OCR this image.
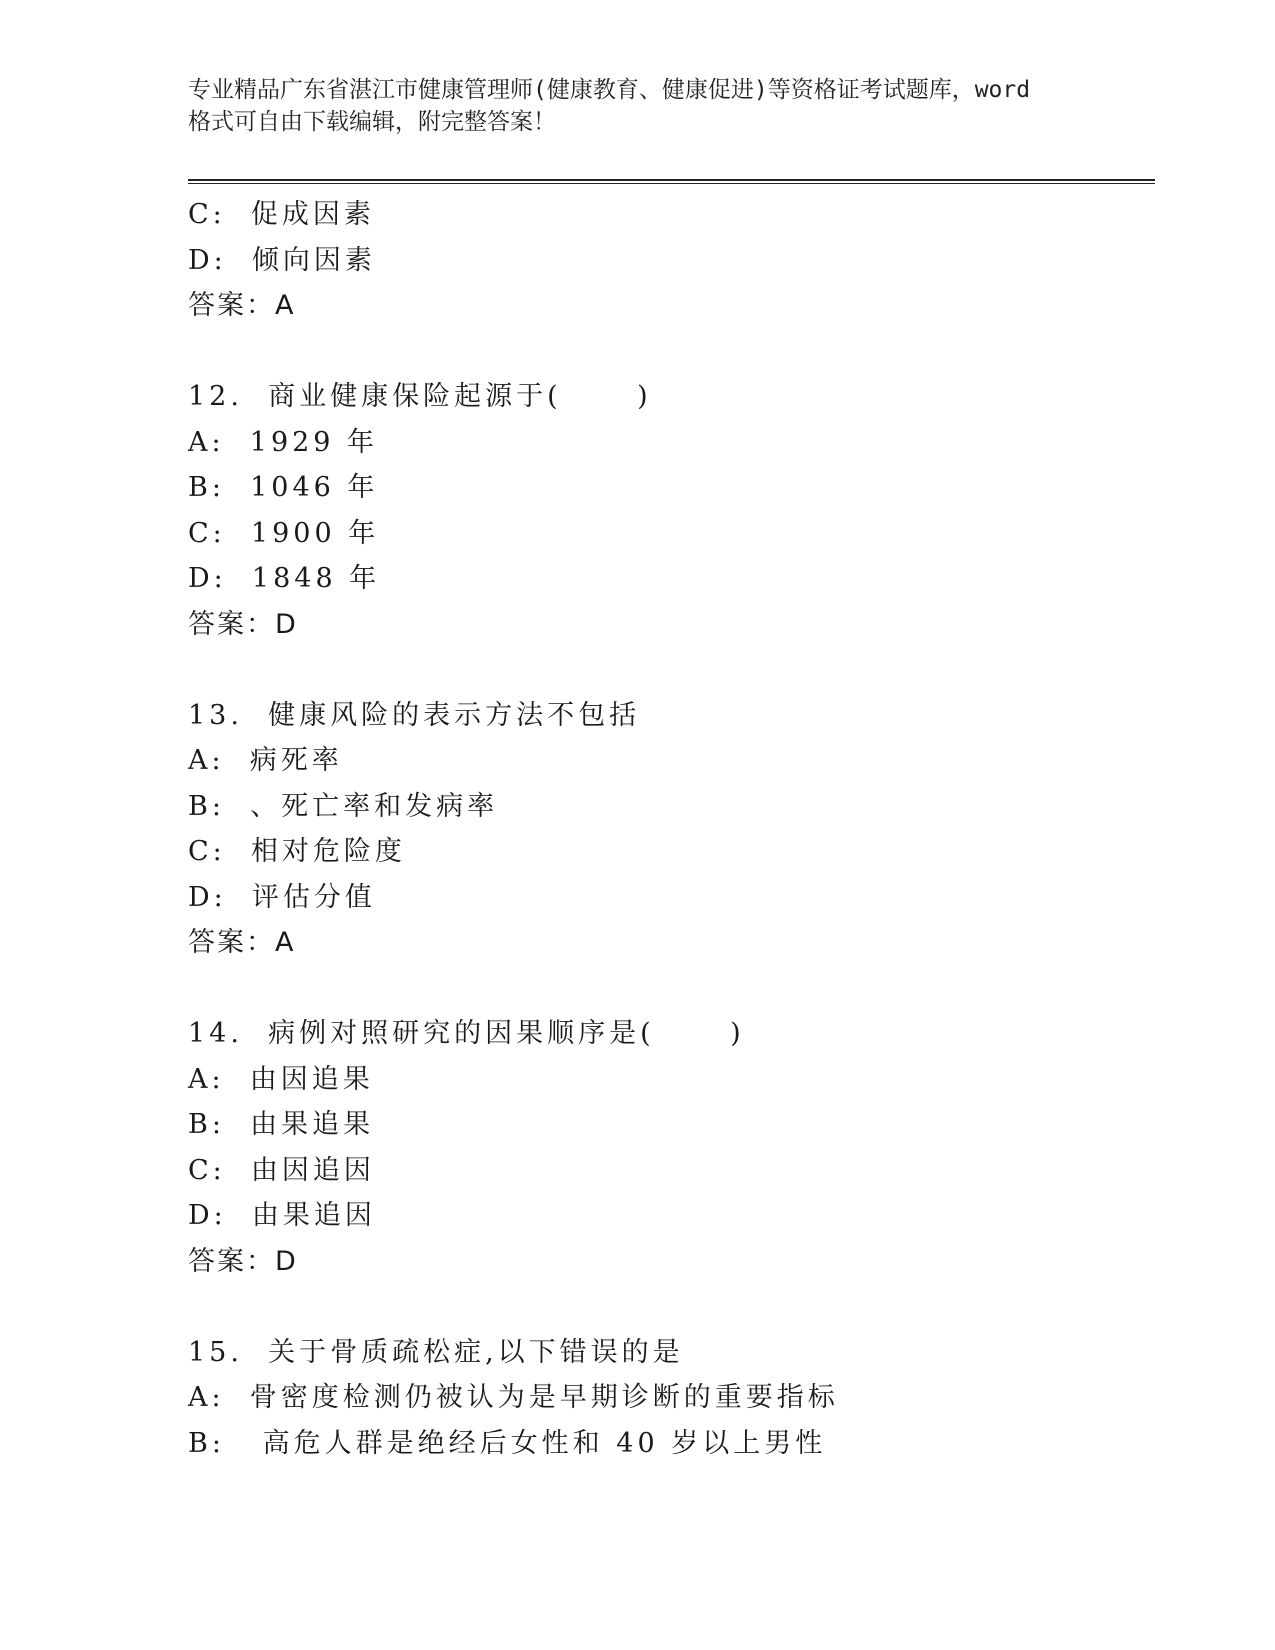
专业精品广东省湛江市健康管理师(健康教育、健康促进)等资格证考试题库，word
格式可自由下载编辑，附完整答案！
C:  促成因素
D:  倾向因素
答案：A
12.  商业健康保险起源于(      )
A:  1929 年
B:  1046 年
C:  1900 年
D:  1848 年
答案：D
13.  健康风险的表示方法不包括
A:  病死率
B:  、死亡率和发病率
C:  相对危险度
D:  评估分值
答案：A
14.  病例对照研究的因果顺序是(      )
A:  由因追果
B:  由果追果
C:  由因追因
D:  由果追因
答案：D
15.  关于骨质疏松症,以下错误的是
A:  骨密度检测仍被认为是早期诊断的重要指标
B:   高危人群是绝经后女性和 40 岁以上男性
